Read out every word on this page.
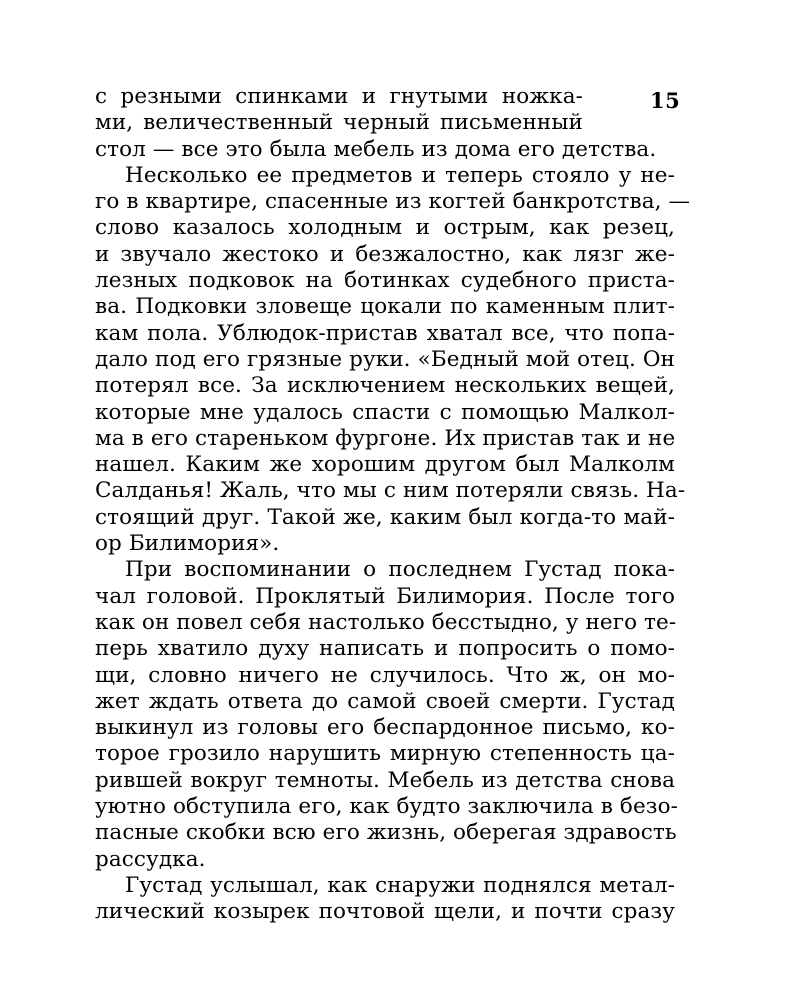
15
с резными спинками и гнутыми ножка-
ми, величественный черный письменный
стол — все это была мебель из дома его детства.
Несколько ее предметов и теперь стояло у не-
го в квартире, спасенные из когтей банкротства, —
слово казалось холодным и острым, как резец,
и звучало жестоко и безжалостно, как лязг же-
лезных подковок на ботинках судебного приста-
ва. Подковки зловеще цокали по каменным плит-
кам пола. Ублюдок-пристав хватал все, что попа-
дало под его грязные руки. «Бедный мой отец. Он
потерял все. За исключением нескольких вещей,
которые мне удалось спасти с помощью Малкол-
ма в его стареньком фургоне. Их пристав так и не
нашел. Каким же хорошим другом был Малколм
Салданья! Жаль, что мы с ним потеряли связь. На-
стоящий друг. Такой же, каким был когда-то май-
ор Билимория».
При воспоминании о последнем Густад пока-
чал головой. Проклятый Билимория. После того
как он повел себя настолько бесстыдно, у него те-
перь хватило духу написать и попросить о помо-
щи, словно ничего не случилось. Что ж, он мо-
жет ждать ответа до самой своей смерти. Густад
выкинул из головы его беспардонное письмо, ко-
торое грозило нарушить мирную степенность ца-
рившей вокруг темноты. Мебель из детства снова
уютно обступила его, как будто заключила в безо-
пасные скобки всю его жизнь, оберегая здравость
рассудка.
Густад услышал, как снаружи поднялся метал-
лический козырек почтовой щели, и почти сразу
